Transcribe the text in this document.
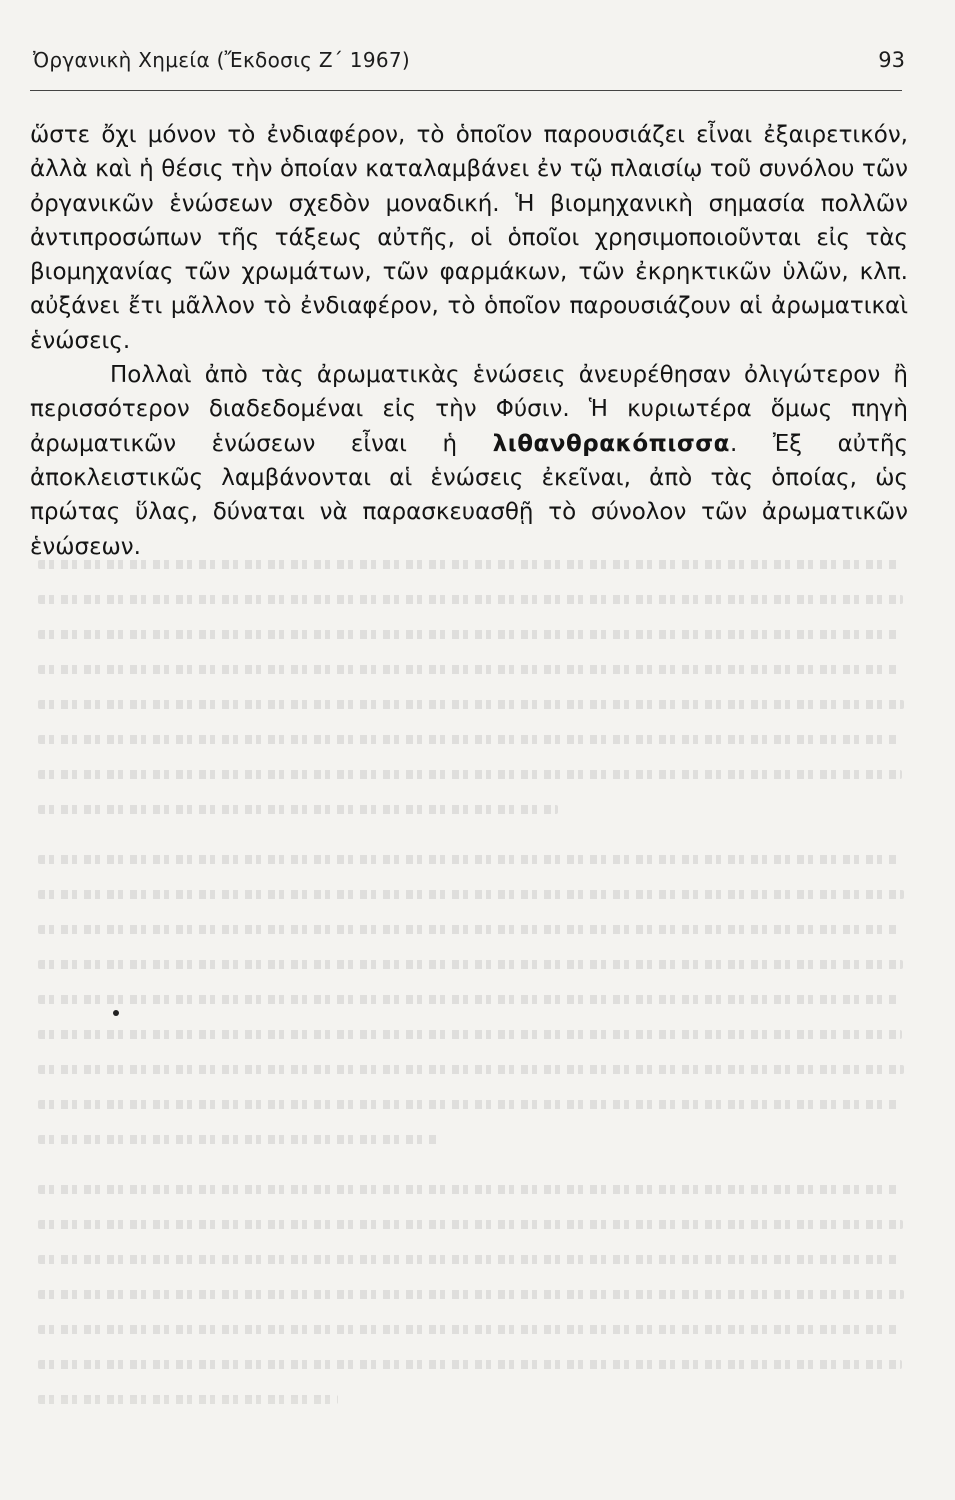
Ὀργανικὴ Χημεία (Ἔκδοσις Ζ΄ 1967)	93

ὥστε ὄχι μόνον τὸ ἐνδιαφέρον, τὸ ὁποῖον παρουσιάζει εἶναι ἐξαιρετικόν, ἀλλὰ καὶ ἡ θέσις τὴν ὁποίαν καταλαμβάνει ἐν τῷ πλαισίῳ τοῦ συνόλου τῶν ὀργανικῶν ἑνώσεων σχεδὸν μοναδική. Ἡ βιομηχανικὴ σημασία πολλῶν ἀντιπροσώπων τῆς τάξεως αὐτῆς, οἱ ὁποῖοι χρησιμοποιοῦνται εἰς τὰς βιομηχανίας τῶν χρωμάτων, τῶν φαρμάκων, τῶν ἐκρηκτικῶν ὑλῶν, κλπ. αὐξάνει ἔτι μᾶλλον τὸ ἐνδιαφέρον, τὸ ὁποῖον παρουσιάζουν αἱ ἀρωματικαὶ ἑνώσεις.

Πολλαὶ ἀπὸ τὰς ἀρωματικὰς ἑνώσεις ἀνευρέθησαν ὀλιγώτερον ἢ περισσότερον διαδεδομέναι εἰς τὴν Φύσιν. Ἡ κυριωτέρα ὅμως πηγὴ ἀρωματικῶν ἑνώσεων εἶναι ἡ λιθανθρακόπισσα. Ἐξ αὐτῆς ἀποκλειστικῶς λαμβάνονται αἱ ἑνώσεις ἐκεῖναι, ἀπὸ τὰς ὁποίας, ὡς πρώτας ὕλας, δύναται νὰ παρασκευασθῇ τὸ σύνολον τῶν ἀρωματικῶν ἑνώσεων.
